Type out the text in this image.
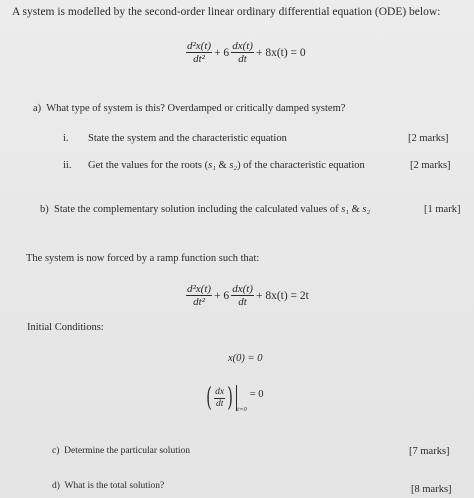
A system is modelled by the second-order linear ordinary differential equation (ODE) below:
$\frac{\text{d²x(t)}}{\text{dt²}} + 6 \frac{dx(t)}{dt} + 8x(t) = 0$
a) What type of system is this? Overdamped or critically damped system?
i. State the system and the characteristic equation	[2 marks]
ii. Get the values for the roots (s₁ & s₂) of the characteristic equation	[2 marks]
b) State the complementary solution including the calculated values of s₁ & s₂	[1 mark]
The system is now forced by a ramp function such that:
$\frac{\text{d²x(t)}}{\text{dt²}} + 6 \frac{dx(t)}{dt} + 8x(t) = 2t$
Initial Conditions:
x(0) = 0
( $\frac{dx}{dt}$ ) t=0
= 0
c) Determine the particular solution	[7 marks]
d) What is the total solution?	[8 marks]
